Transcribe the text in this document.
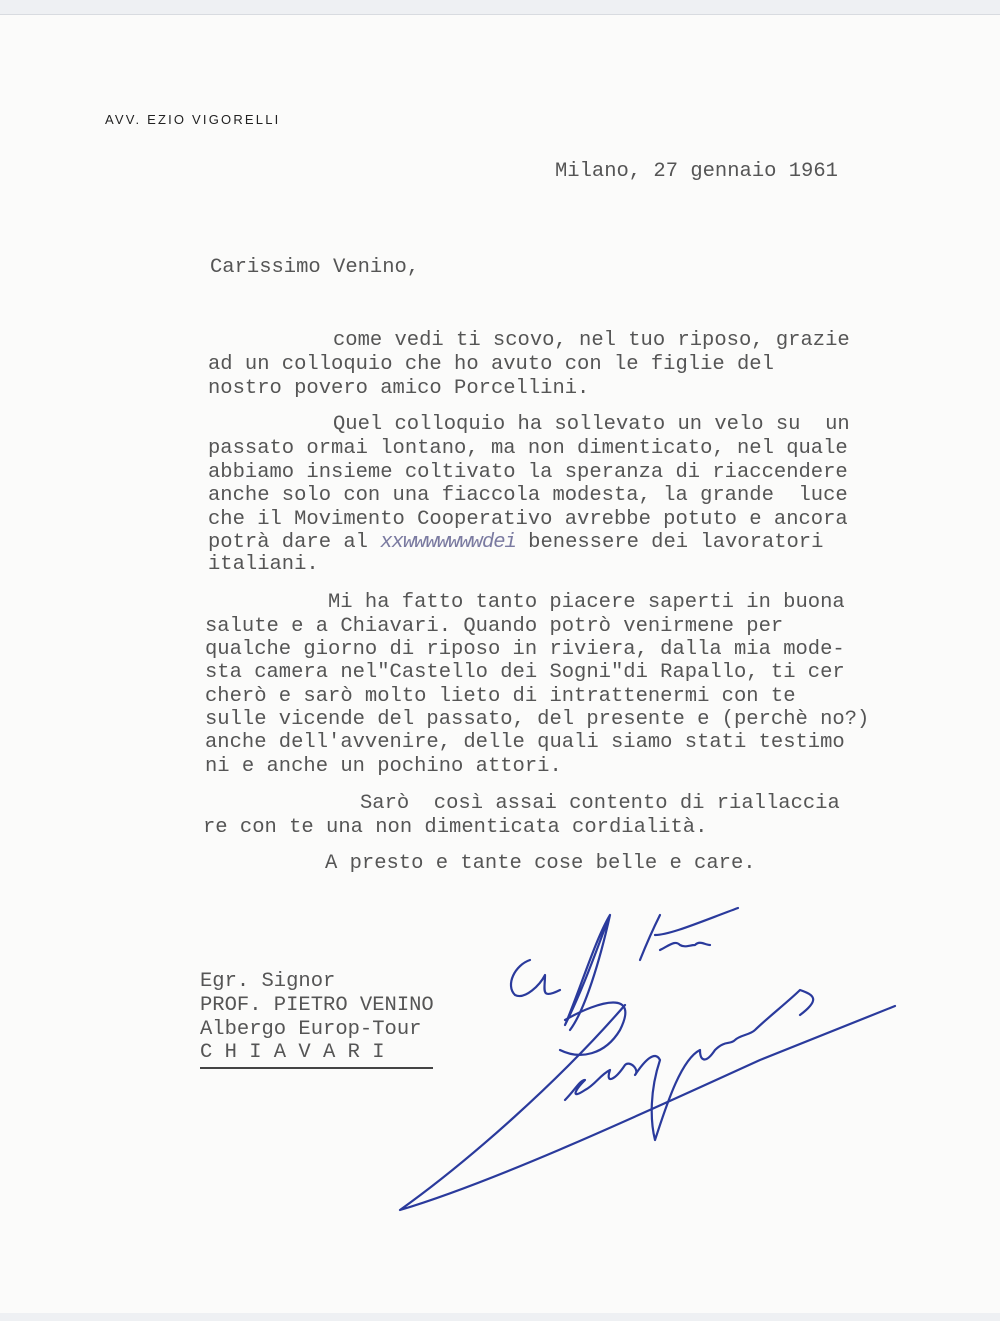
AVV. EZIO VIGORELLI
Milano, 27 gennaio 1961
Carissimo Venino,
come vedi ti scovo, nel tuo riposo, grazie
ad un colloquio che ho avuto con le figlie del
nostro povero amico Porcellini.
Quel colloquio ha sollevato un velo su  un
passato ormai lontano, ma non dimenticato, nel quale
abbiamo insieme coltivato la speranza di riaccendere
anche solo con una fiaccola modesta, la grande  luce
che il Movimento Cooperativo avrebbe potuto e ancora
potrà dare al xxwwwwwwwdei benessere dei lavoratori
italiani.
Mi ha fatto tanto piacere saperti in buona
salute e a Chiavari. Quando potrò venirmene per
qualche giorno di riposo in riviera, dalla mia mode-
sta camera nel"Castello dei Sogni"di Rapallo, ti cer
cherò e sarò molto lieto di intrattenermi con te
sulle vicende del passato, del presente e (perchè no?)
anche dell'avvenire, delle quali siamo stati testimo
ni e anche un pochino attori.
Sarò  così assai contento di riallaccia
re con te una non dimenticata cordialità.
A presto e tante cose belle e care.
Egr. Signor
PROF. PIETRO VENINO
Albergo Europ-Tour
C H I A V A R I
